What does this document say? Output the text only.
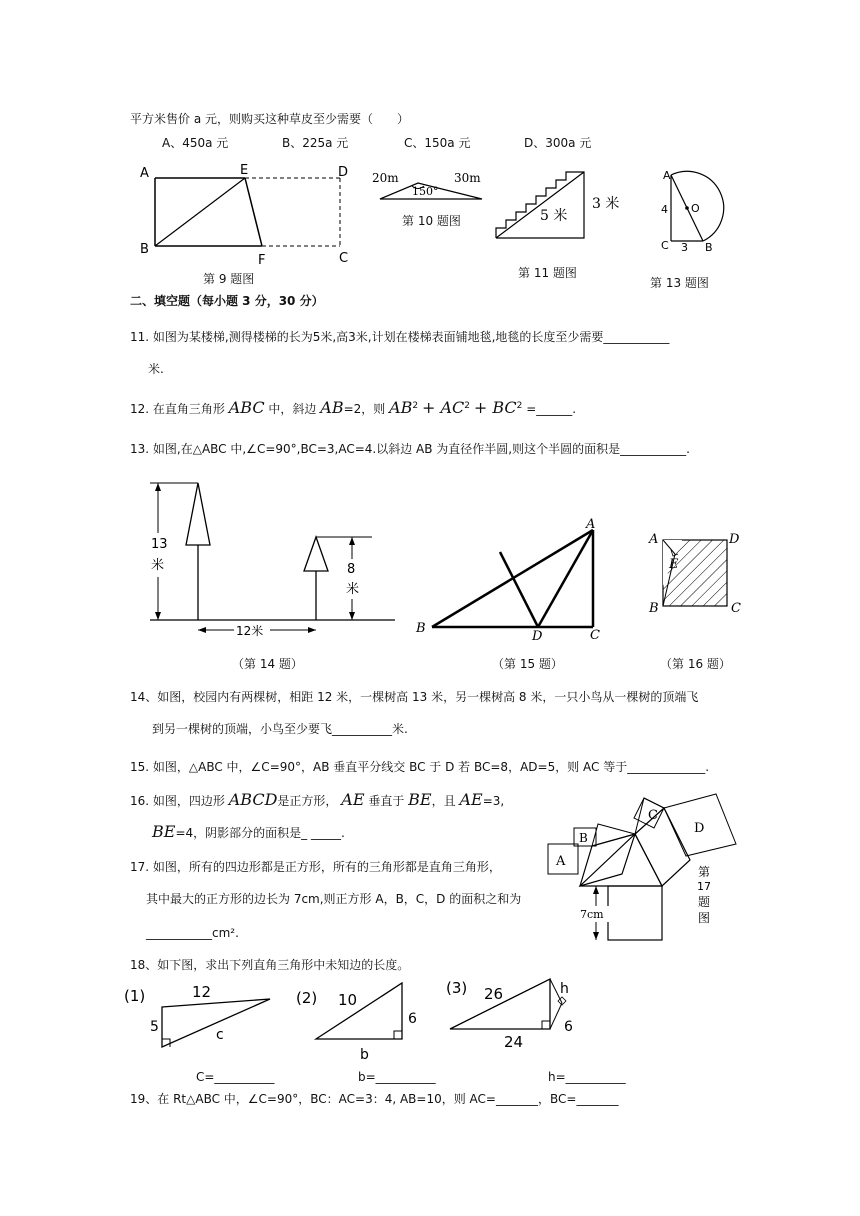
平方米售价 a 元，则购买这种草皮至少需要（　　）
A、450a 元	B、225a 元	C、150a 元	D、300a 元
A	E	D
B
F	C
第 9 题图
20m	30m
150°
第 10 题图	5 米
3 米
第 11 题图
A
O
C	B
4
3
第 13 题图
二、填空题（每小题 3 分，30 分）
11. 如图为某楼梯,测得楼梯的长为5米,高3米,计划在楼梯表面铺地毯,地毯的长度至少需要___________
米.
12. 在直角三角形 ABC 中，斜边 AB=2，则 $AB^2 + AC^2 + BC^2$ =______.
13. 如图,在△ABC 中,∠C=90°,BC=3,AC=4.以斜边 AB 为直径作半圆,则这个半圆的面积是___________.
13
米	8
米
12米
（第 14 题）
A
B	C
D
（第 15 题）
A	D
B	C
E
（第 16 题）
14、如图，校园内有两棵树，相距 12 米，一棵树高 13 米，另一棵树高 8 米，一只小鸟从一棵树的顶端飞
到另一棵树的顶端，小鸟至少要飞__________米.
15. 如图，△ABC 中，∠C=90°，AB 垂直平分线交 BC 于 D 若 BC=8，AD=5，则 AC 等于_____________.
16. 如图，四边形 ABCD是正方形， AE 垂直于 BE，且 AE=3,
BE=4，阴影部分的面积是_ _____.
17. 如图，所有的四边形都是正方形，所有的三角形都是直角三角形，
其中最大的正方形的边长为 7cm,则正方形 A，B，C，D 的面积之和为
___________cm².
A
B
C
D
7cm
第
17
题
图
18、如下图，求出下列直角三角形中未知边的长度。
(1)	12
5	c
(2) 10
6
b
(3) 26
24
h
6
C=__________	b=__________	h=__________
19、在 Rt△ABC 中，∠C=90°，BC：AC=3：4, AB=10，则 AC=_______，BC=_______
